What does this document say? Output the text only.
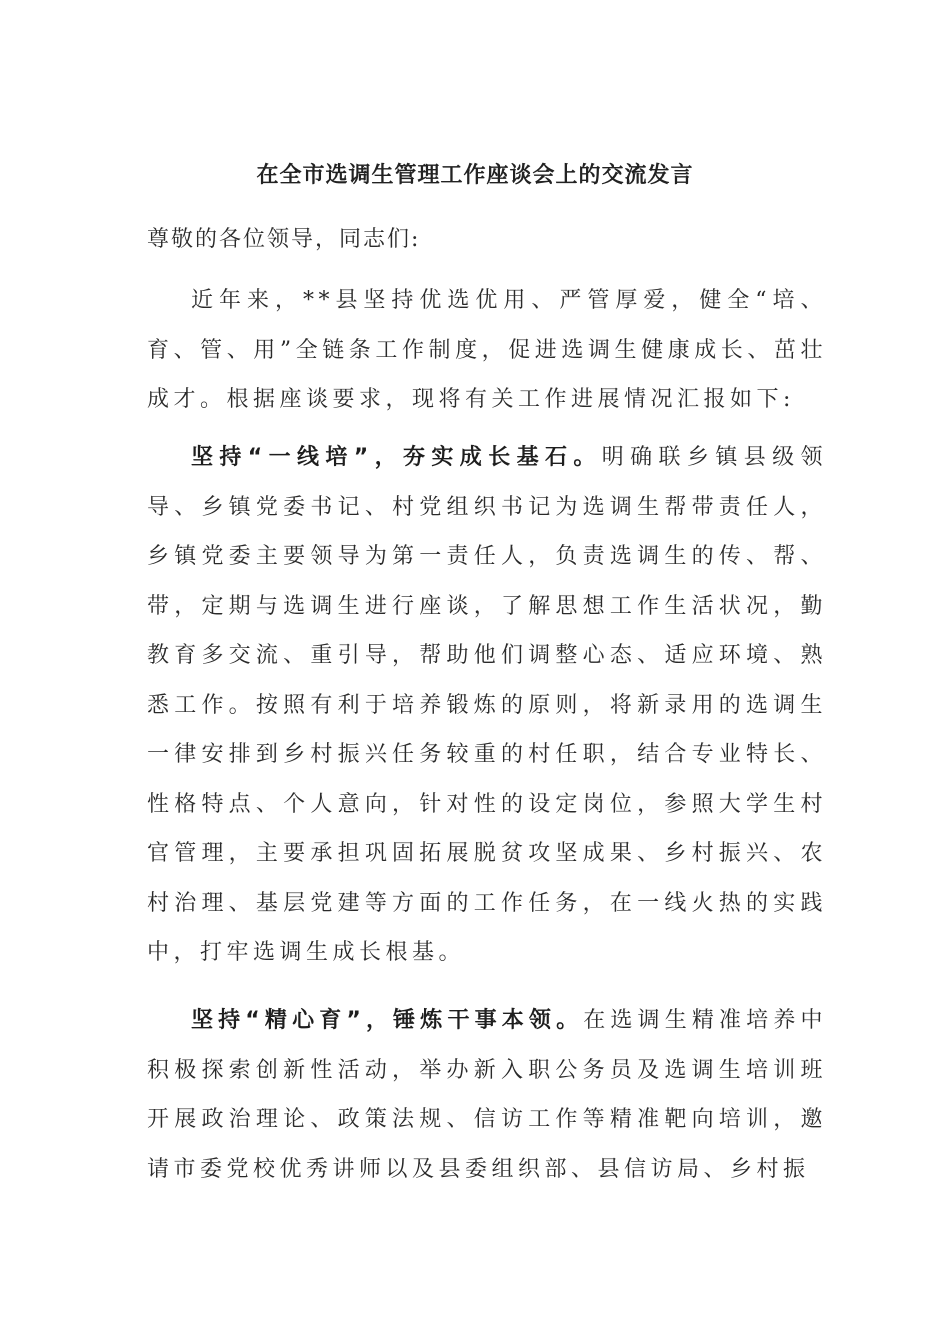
在全市选调生管理工作座谈会上的交流发言
尊敬的各位领导，同志们:

近年来，**县坚持优选优用、严管厚爱，健全“培、育、管、用”全链条工作制度，促进选调生健康成长、茁壮成才。根据座谈要求，现将有关工作进展情况汇报如下:

坚持“一线培”，夯实成长基石。明确联乡镇县级领导、乡镇党委书记、村党组织书记为选调生帮带责任人，乡镇党委主要领导为第一责任人，负责选调生的传、帮、带，定期与选调生进行座谈，了解思想工作生活状况，勤教育多交流、重引导，帮助他们调整心态、适应环境、熟悉工作。按照有利于培养锻炼的原则，将新录用的选调生一律安排到乡村振兴任务较重的村任职，结合专业特长、性格特点、个人意向，针对性的设定岗位，参照大学生村官管理，主要承担巩固拓展脱贫攻坚成果、乡村振兴、农村治理、基层党建等方面的工作任务，在一线火热的实践中，打牢选调生成长根基。

坚持“精心育”，锤炼干事本领。在选调生精准培养中积极探索创新性活动，举办新入职公务员及选调生培训班开展政治理论、政策法规、信访工作等精准靶向培训，邀请市委党校优秀讲师以及县委组织部、县信访局、乡村振
